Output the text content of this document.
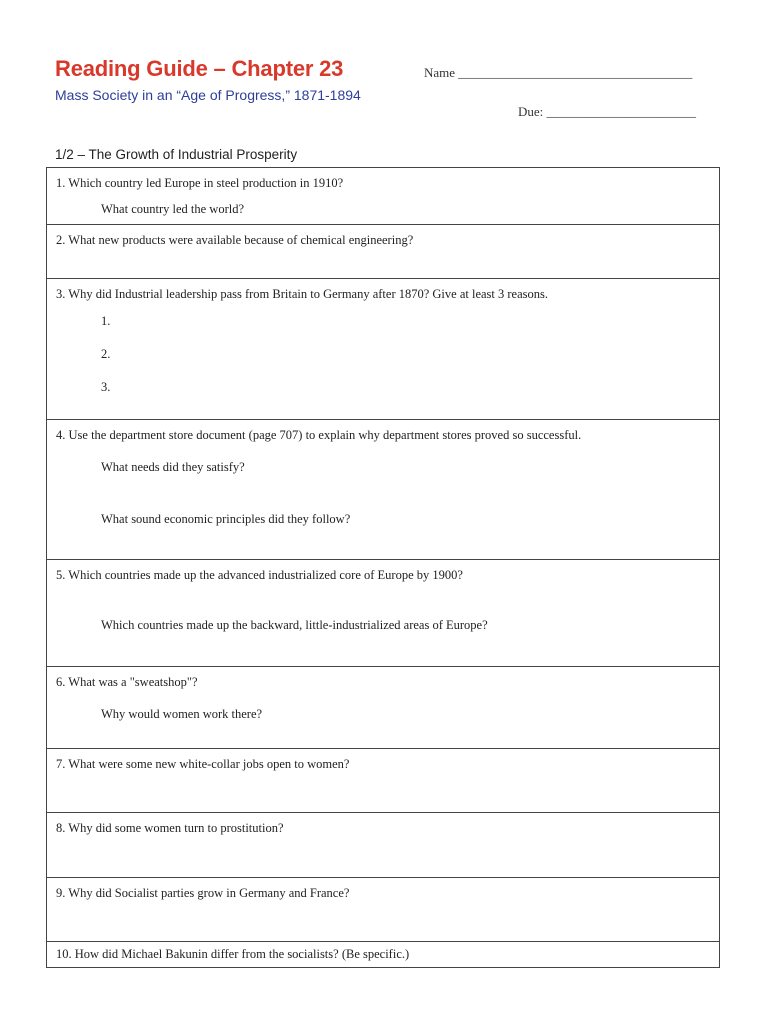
Reading Guide – Chapter 23
Mass Society in an “Age of Progress,” 1871-1894
Name ____________________________________
Due: _______________________
1/2 – The Growth of Industrial Prosperity
1. Which country led Europe in steel production in 1910?
What country led the world?
2. What new products were available because of chemical engineering?
3. Why did Industrial leadership pass from Britain to Germany after 1870? Give at least 3 reasons.
1.
2.
3.
4. Use the department store document (page 707) to explain why department stores proved so successful.
What needs did they satisfy?
What sound economic principles did they follow?
5. Which countries made up the advanced industrialized core of Europe by 1900?
Which countries made up the backward, little-industrialized areas of Europe?
6. What was a "sweatshop"?
Why would women work there?
7. What were some new white-collar jobs open to women?
8. Why did some women turn to prostitution?
9. Why did Socialist parties grow in Germany and France?
10. How did Michael Bakunin differ from the socialists? (Be specific.)
